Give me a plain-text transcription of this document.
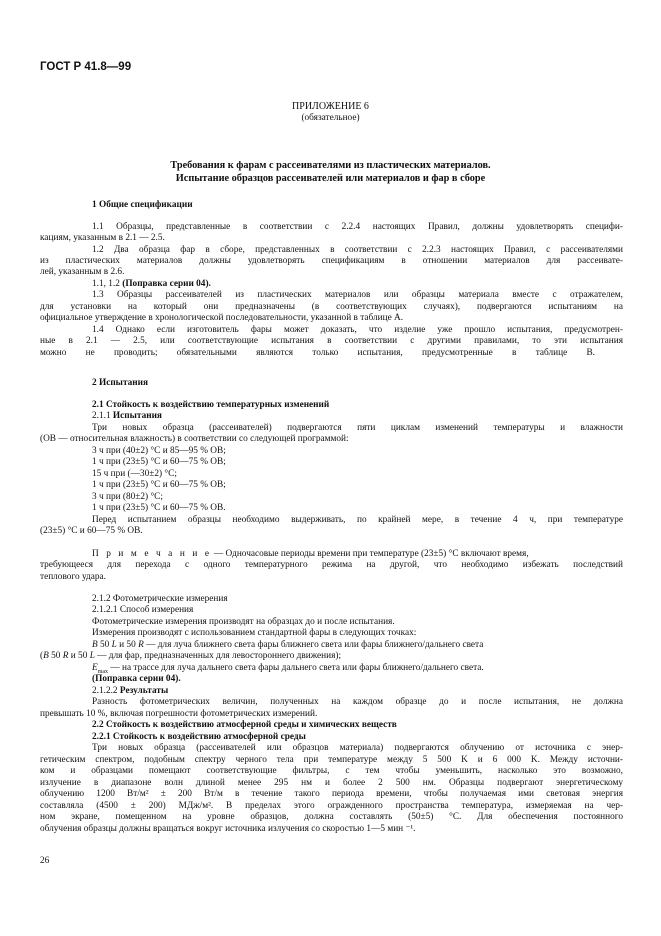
ГОСТ Р 41.8—99
ПРИЛОЖЕНИЕ 6
(обязательное)
Требования к фарам с рассеивателями из пластических материалов.
Испытание образцов рассеивателей или материалов и фар в сборе
1 Общие спецификации
1.1 Образцы, представленные в соответствии с 2.2.4 настоящих Правил, должны удовлетворять специфи-
кациям, указанным в 2.1 — 2.5.
1.2 Два образца фар в сборе, представленных в соответствии с 2.2.3 настоящих Правил, с рассеивателями
из пластических материалов должны удовлетворять спецификациям в отношении материалов для рассеивате-
лей, указанным в 2.6.
1.1, 1.2 (Поправка серии 04).
1.3 Образцы рассеивателей из пластических материалов или образцы материала вместе с отражателем,
для установки на который они предназначены (в соответствующих случаях), подвергаются испытаниям на
официальное утверждение в хронологической последовательности, указанной в таблице А.
1.4 Однако если изготовитель фары может доказать, что изделие уже прошло испытания, предусмотрен-
ные в 2.1 — 2.5, или соответствующие испытания в соответствии с другими правилами, то эти испытания
можно не проводить; обязательными являются только испытания, предусмотренные в таблице В.
2 Испытания
2.1 Стойкость к воздействию температурных изменений
2.1.1 Испытания
Три новых образца (рассеивателей) подвергаются пяти циклам изменений температуры и влажности
(ОВ — относительная влажность) в соответствии со следующей программой:
3 ч при (40±2) °С и 85—95 % ОВ;
1 ч при (23±5) °С и 60—75 % ОВ;
15 ч при (—30±2) °С;
1 ч при (23±5) °С и 60—75 % ОВ;
3 ч при (80±2) °С;
1 ч при (23±5) °С и 60—75 % ОВ.
Перед испытанием образцы необходимо выдерживать, по крайней мере, в течение 4 ч, при температуре
(23±5) °С и 60—75 % ОВ.
П р и м е ч а н и е — Одночасовые периоды времени при температуре (23±5) °С включают время,
требующееся для перехода с одного температурного режима на другой, что необходимо избежать последствий
теплового удара.
2.1.2 Фотометрические измерения
2.1.2.1 Способ измерения
Фотометрические измерения производят на образцах до и после испытания.
Измерения производят с использованием стандартной фары в следующих точках:
B 50 L и 50 R — для луча ближнего света фары ближнего света или фары ближнего/дальнего света
(B 50 R и 50 L — для фар, предназначенных для левостороннего движения);
$E_{max}$ — на трассе для луча дальнего света фары дальнего света или фары ближнего/дальнего света.
(Поправка серии 04).
2.1.2.2 Результаты
Разность фотометрических величин, полученных на каждом образце до и после испытания, не должна
превышать 10 %, включая погрешности фотометрических измерений.
2.2 Стойкость к воздействию атмосферной среды и химических веществ
2.2.1 Стойкость к воздействию атмосферной среды
Три новых образца (рассеивателей или образцов материала) подвергаются облучению от источника с энер-
гетическим спектром, подобным спектру черного тела при температуре между 5 500 K и 6 000 K. Между источни-
ком и образцами помещают соответствующие фильтры, с тем чтобы уменьшить, насколько это возможно,
излучение в диапазоне волн длиной менее 295 нм и более 2 500 нм. Образцы подвергают энергетическому
облучению 1200 Вт/м² ± 200 Вт/м в течение такого периода времени, чтобы получаемая ими световая энергия
составляла (4500 ± 200) МДж/м². В пределах этого огражденного пространства температура, измеряемая на чер-
ном экране, помещенном на уровне образцов, должна составлять (50±5) °С. Для обеспечения постоянного
облучения образцы должны вращаться вокруг источника излучения со скоростью 1—5 мин ⁻¹.
26
